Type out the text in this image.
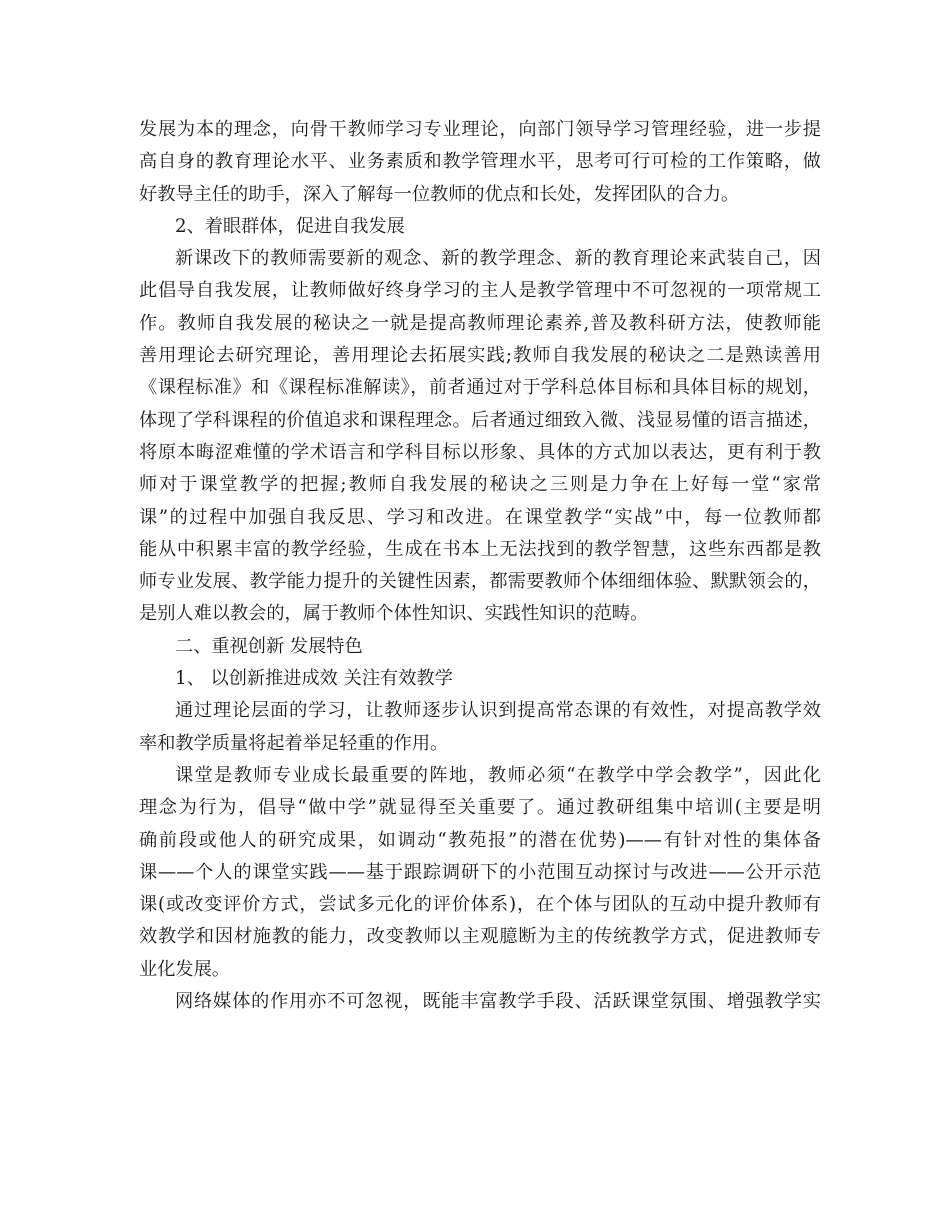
发展为本的理念，向骨干教师学习专业理论，向部门领导学习管理经验，进一步提
高自身的教育理论水平、业务素质和教学管理水平，思考可行可检的工作策略，做
好教导主任的助手，深入了解每一位教师的优点和长处，发挥团队的合力。
2、着眼群体，促进自我发展
新课改下的教师需要新的观念、新的教学理念、新的教育理论来武装自己，因
此倡导自我发展，让教师做好终身学习的主人是教学管理中不可忽视的一项常规工
作。教师自我发展的秘诀之一就是提高教师理论素养,普及教科研方法，使教师能
善用理论去研究理论，善用理论去拓展实践;教师自我发展的秘诀之二是熟读善用
《课程标准》和《课程标准解读》，前者通过对于学科总体目标和具体目标的规划，
体现了学科课程的价值追求和课程理念。后者通过细致入微、浅显易懂的语言描述，
将原本晦涩难懂的学术语言和学科目标以形象、具体的方式加以表达，更有利于教
师对于课堂教学的把握;教师自我发展的秘诀之三则是力争在上好每一堂“家常
课”的过程中加强自我反思、学习和改进。在课堂教学“实战”中，每一位教师都
能从中积累丰富的教学经验，生成在书本上无法找到的教学智慧，这些东西都是教
师专业发展、教学能力提升的关键性因素，都需要教师个体细细体验、默默领会的，
是别人难以教会的，属于教师个体性知识、实践性知识的范畴。
二、重视创新 发展特色
1、 以创新推进成效 关注有效教学
通过理论层面的学习，让教师逐步认识到提高常态课的有效性，对提高教学效
率和教学质量将起着举足轻重的作用。
课堂是教师专业成长最重要的阵地，教师必须“在教学中学会教学”，因此化
理念为行为，倡导“做中学”就显得至关重要了。通过教研组集中培训(主要是明
确前段或他人的研究成果，如调动“教苑报”的潜在优势)——有针对性的集体备
课——个人的课堂实践——基于跟踪调研下的小范围互动探讨与改进——公开示范
课(或改变评价方式，尝试多元化的评价体系)，在个体与团队的互动中提升教师有
效教学和因材施教的能力，改变教师以主观臆断为主的传统教学方式，促进教师专
业化发展。
网络媒体的作用亦不可忽视，既能丰富教学手段、活跃课堂氛围、增强教学实
